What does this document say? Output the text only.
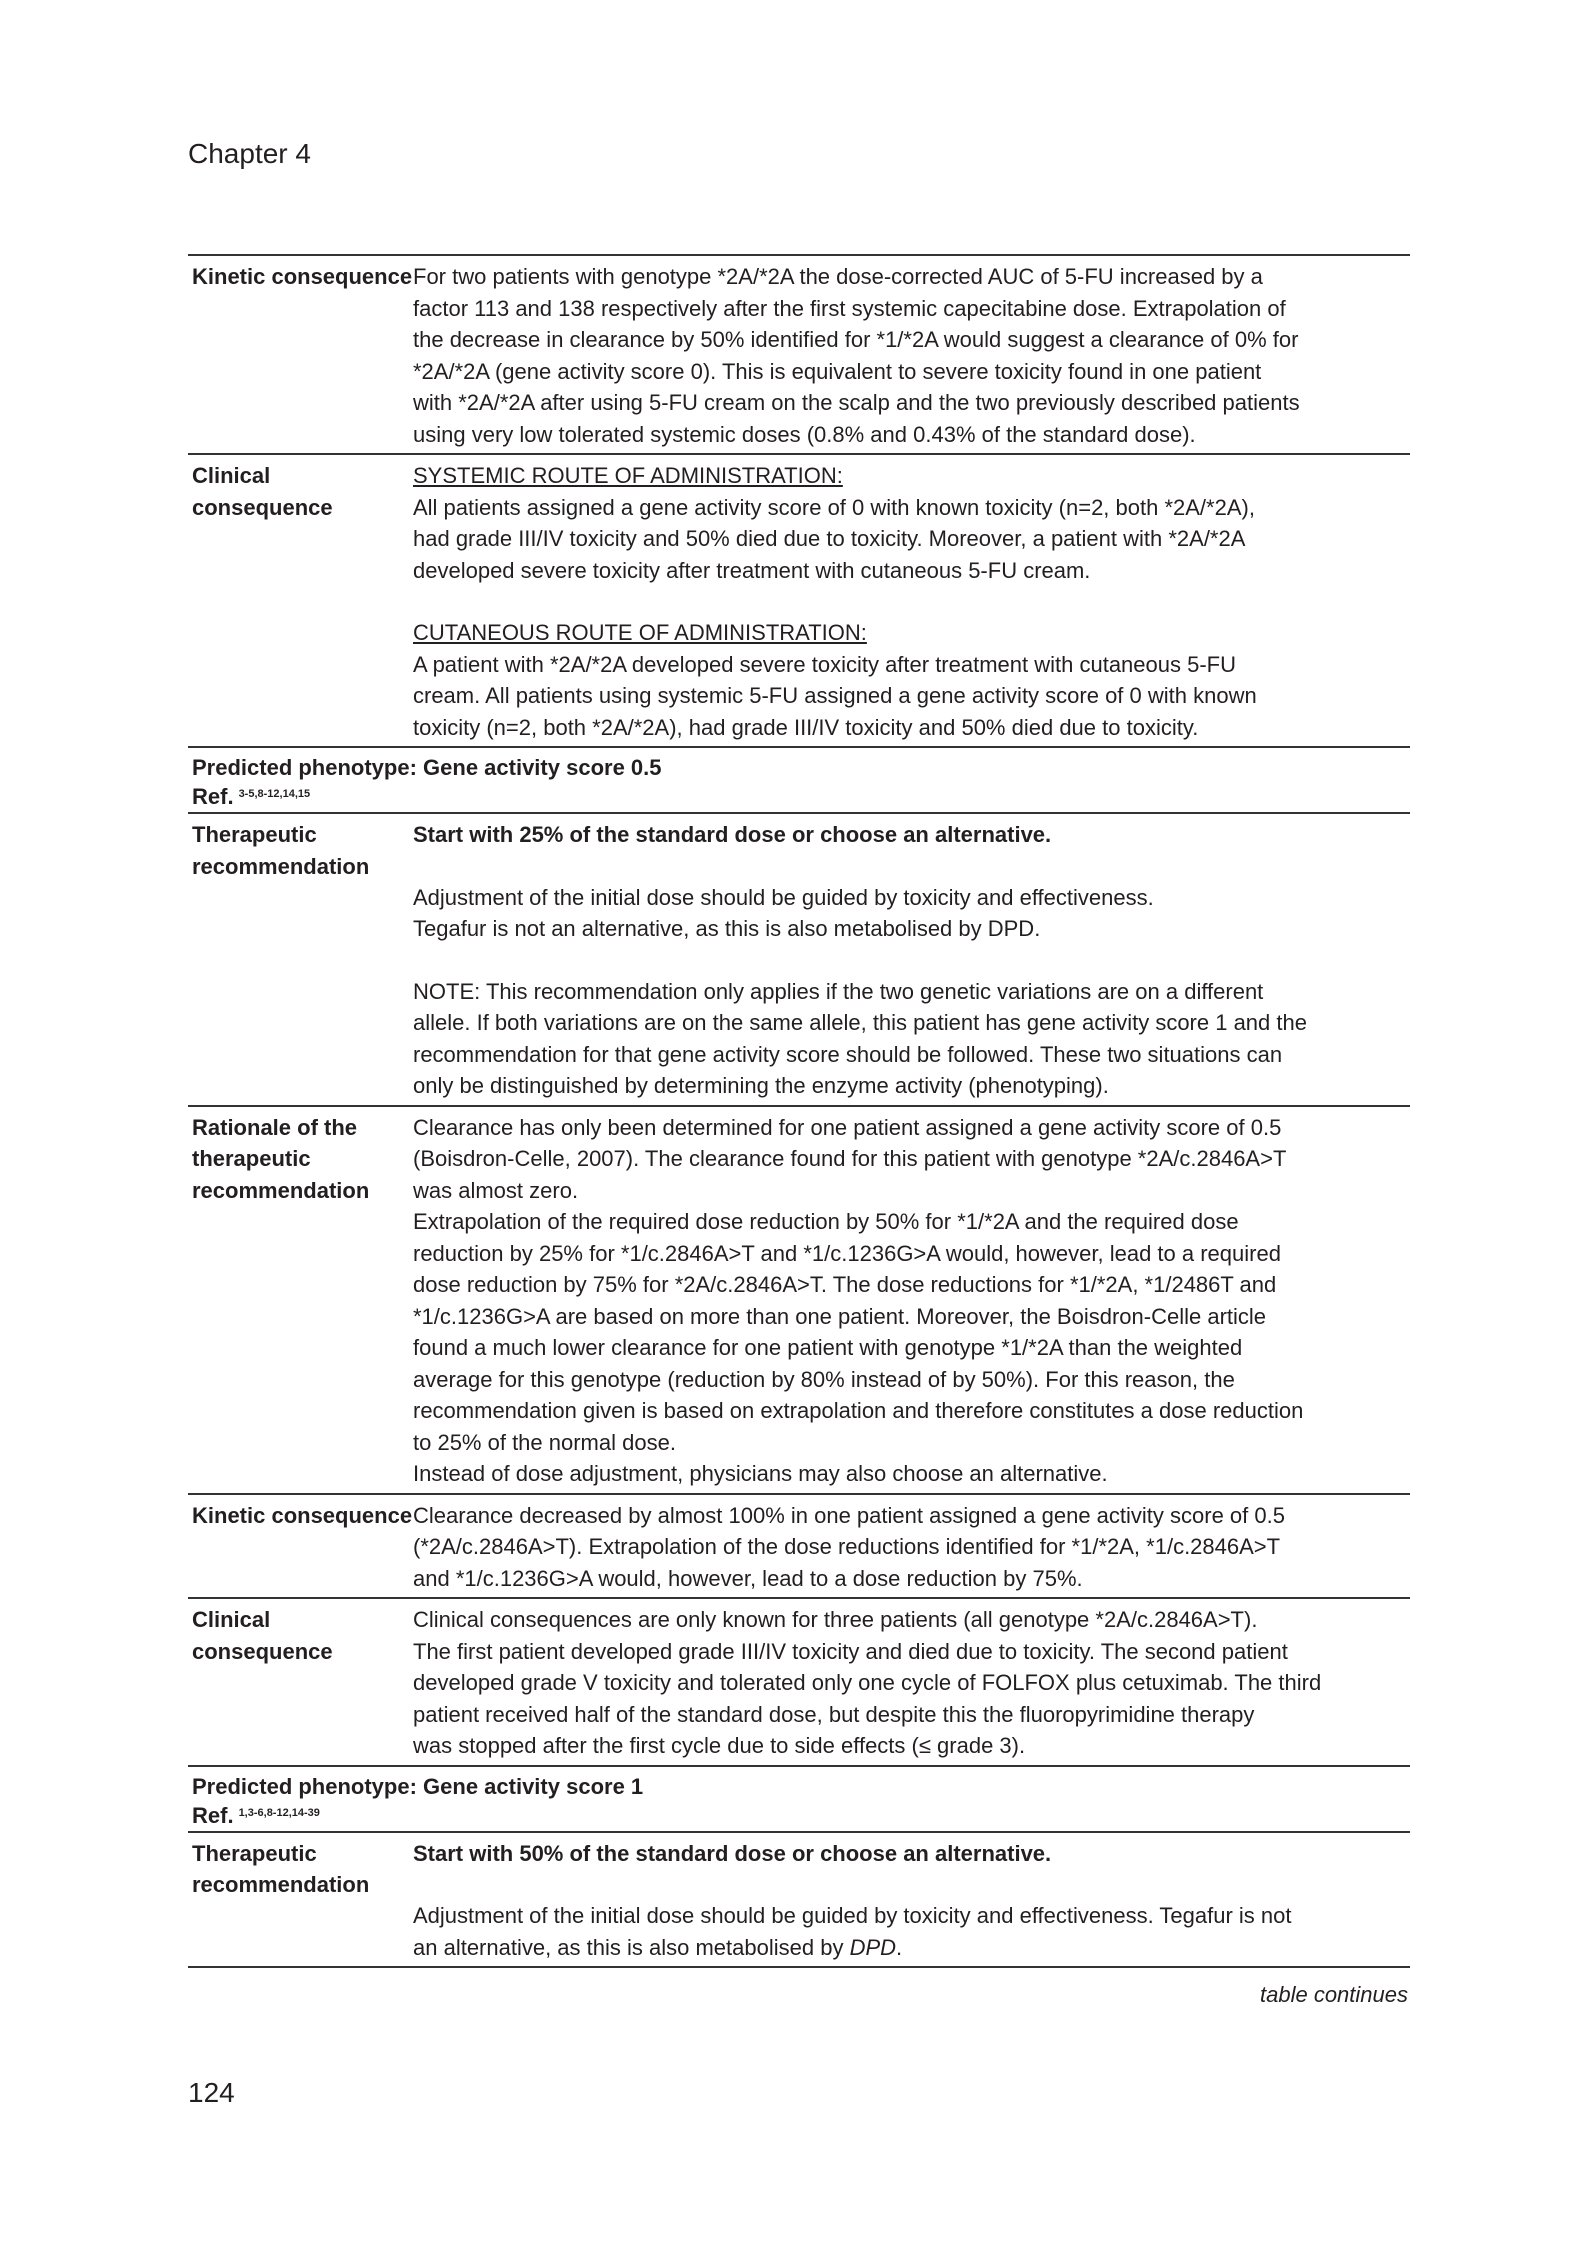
Chapter 4
Kinetic consequence For two patients with genotype *2A/*2A the dose-corrected AUC of 5-FU increased by a

factor 113 and 138 respectively after the first systemic capecitabine dose. Extrapolation of

the decrease in clearance by 50% identified for *1/*2A would suggest a clearance of 0% for

*2A/*2A (gene activity score 0). This is equivalent to severe toxicity found in one patient

with *2A/*2A after using 5-FU cream on the scalp and the two previously described patients

using very low tolerated systemic doses (0.8% and 0.43% of the standard dose).

Clinical consequence

SYSTEMIC ROUTE OF ADMINISTRATION:

All patients assigned a gene activity score of 0 with known toxicity (n=2, both *2A/*2A),

had grade III/IV toxicity and 50% died due to toxicity. Moreover, a patient with *2A/*2A

developed severe toxicity after treatment with cutaneous 5-FU cream.

CUTANEOUS ROUTE OF ADMINISTRATION:

A patient with *2A/*2A developed severe toxicity after treatment with cutaneous 5-FU

cream. All patients using systemic 5-FU assigned a gene activity score of 0 with known

toxicity (n=2, both *2A/*2A), had grade III/IV toxicity and 50% died due to toxicity.

Predicted phenotype: Gene activity score 0.5
Ref. $^{3-5,8-12,14,15}$
Therapeutic recommendation

Start with 25% of the standard dose or choose an alternative.

Adjustment of the initial dose should be guided by toxicity and effectiveness.

Tegafur is not an alternative, as this is also metabolised by DPD.

NOTE: This recommendation only applies if the two genetic variations are on a different

allele. If both variations are on the same allele, this patient has gene activity score 1 and the

recommendation for that gene activity score should be followed. These two situations can

only be distinguished by determining the enzyme activity (phenotyping).

Rationale of the therapeutic recommendation

Clearance has only been determined for one patient assigned a gene activity score of 0.5

(Boisdron-Celle, 2007). The clearance found for this patient with genotype *2A/c.2846A>T

was almost zero.

Extrapolation of the required dose reduction by 50% for *1/*2A and the required dose

reduction by 25% for *1/c.2846A>T and *1/c.1236G>A would, however, lead to a required

dose reduction by 75% for *2A/c.2846A>T. The dose reductions for *1/*2A, *1/2486T and

*1/c.1236G>A are based on more than one patient. Moreover, the Boisdron-Celle article

found a much lower clearance for one patient with genotype *1/*2A than the weighted

average for this genotype (reduction by 80% instead of by 50%). For this reason, the

recommendation given is based on extrapolation and therefore constitutes a dose reduction

to 25% of the normal dose.

Instead of dose adjustment, physicians may also choose an alternative.

Kinetic consequence Clearance decreased by almost 100% in one patient assigned a gene activity score of 0.5

(*2A/c.2846A>T). Extrapolation of the dose reductions identified for *1/*2A, *1/c.2846A>T

and *1/c.1236G>A would, however, lead to a dose reduction by 75%.

Clinical consequence

Clinical consequences are only known for three patients (all genotype *2A/c.2846A>T).

The first patient developed grade III/IV toxicity and died due to toxicity. The second patient

developed grade V toxicity and tolerated only one cycle of FOLFOX plus cetuximab. The third

patient received half of the standard dose, but despite this the fluoropyrimidine therapy

was stopped after the first cycle due to side effects (≤ grade 3).

Predicted phenotype: Gene activity score 1
Ref. $^{1,3-6,8-12,14-39}$
Therapeutic recommendation

Start with 50% of the standard dose or choose an alternative.

Adjustment of the initial dose should be guided by toxicity and effectiveness. Tegafur is not

an alternative, as this is also metabolised by DPD.

table continues
124
